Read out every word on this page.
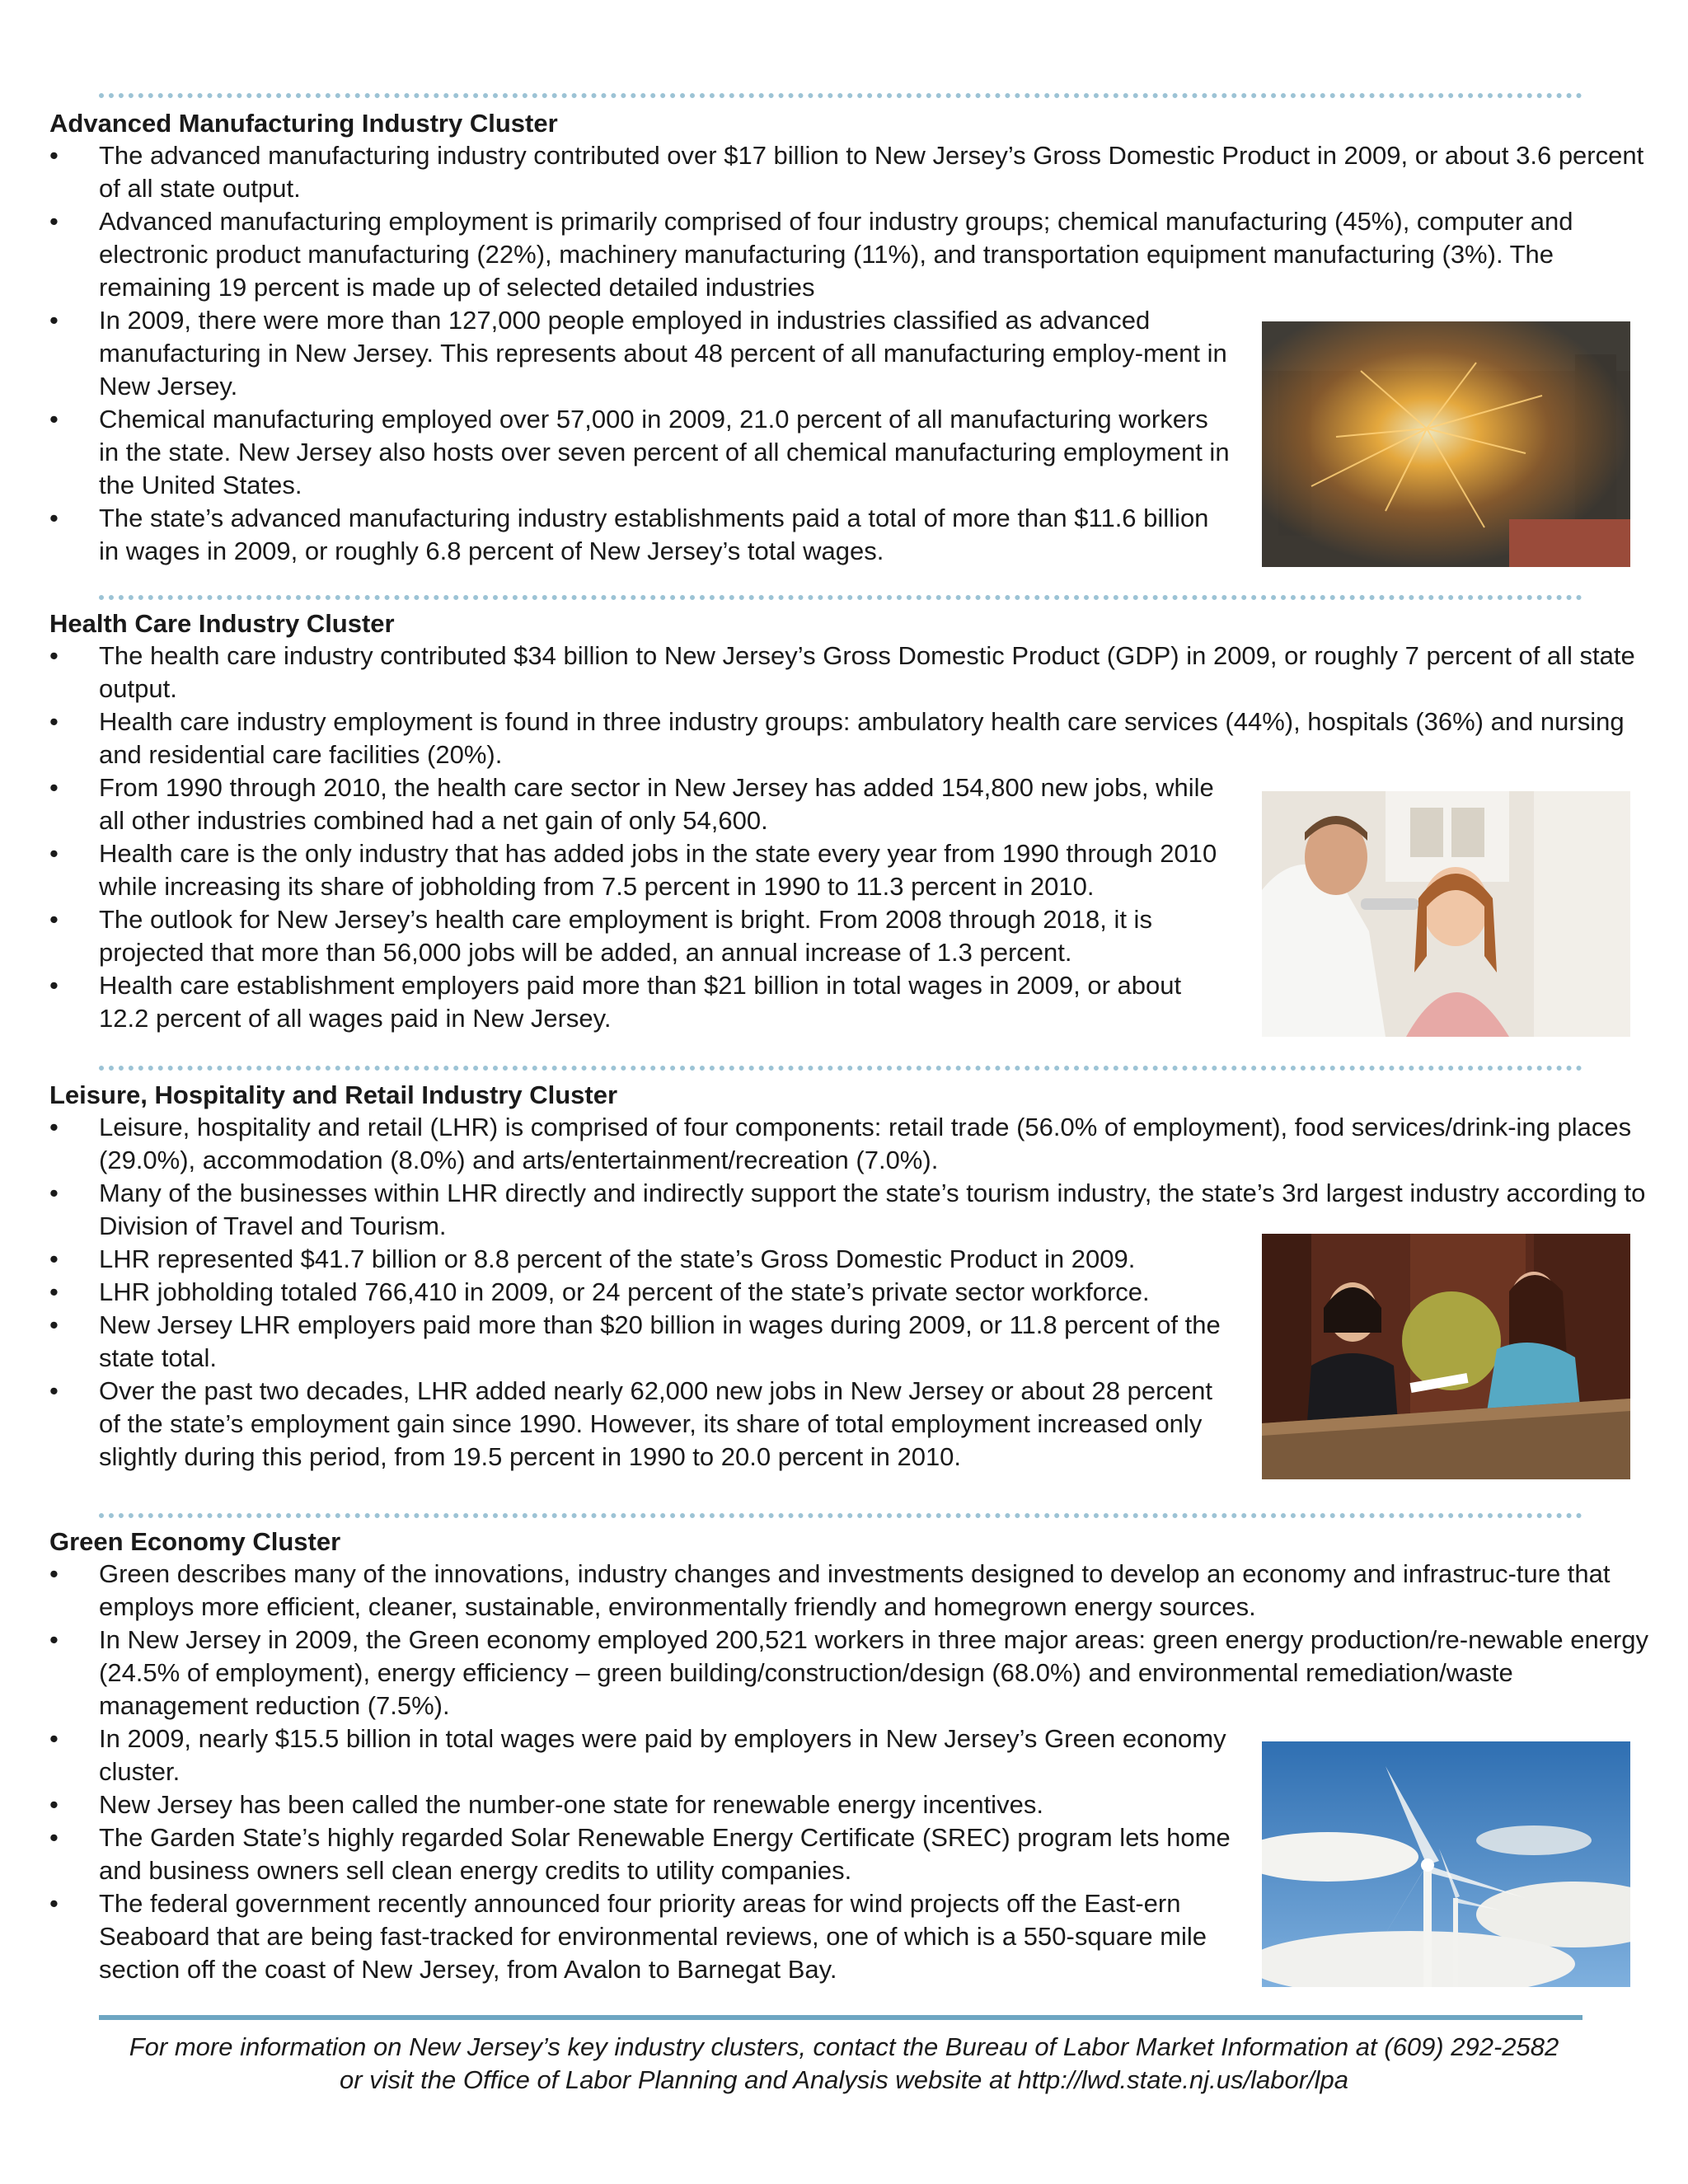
Advanced Manufacturing Industry Cluster
• The advanced manufacturing industry contributed over $17 billion to New Jersey’s Gross Domestic Product in 2009, or about 3.6 percent of all state output.
• Advanced manufacturing employment is primarily comprised of four industry groups; chemical manufacturing (45%), computer and electronic product manufacturing (22%), machinery manufacturing (11%), and transportation equipment manufacturing (3%). The remaining 19 percent is made up of selected detailed industries
• In 2009, there were more than 127,000 people employed in industries classified as advanced manufacturing in New Jersey. This represents about 48 percent of all manufacturing employ-ment in New Jersey.
• Chemical manufacturing employed over 57,000 in 2009, 21.0 percent of all manufacturing workers in the state. New Jersey also hosts over seven percent of all chemical manufacturing employment in the United States.
• The state’s advanced manufacturing industry establishments paid a total of more than $11.6 billion in wages in 2009, or roughly 6.8 percent of New Jersey’s total wages.
Health Care Industry Cluster
• The health care industry contributed $34 billion to New Jersey’s Gross Domestic Product (GDP) in 2009, or roughly 7 percent of all state output.
• Health care industry employment is found in three industry groups: ambulatory health care services (44%), hospitals (36%) and nursing and residential care facilities (20%).
• From 1990 through 2010, the health care sector in New Jersey has added 154,800 new jobs, while all other industries combined had a net gain of only 54,600.
• Health care is the only industry that has added jobs in the state every year from 1990 through 2010 while increasing its share of jobholding from 7.5 percent in 1990 to 11.3 percent in 2010.
• The outlook for New Jersey’s health care employment is bright. From 2008 through 2018, it is projected that more than 56,000 jobs will be added, an annual increase of 1.3 percent.
• Health care establishment employers paid more than $21 billion in total wages in 2009, or about 12.2 percent of all wages paid in New Jersey.
Leisure, Hospitality and Retail Industry Cluster
• Leisure, hospitality and retail (LHR) is comprised of four components: retail trade (56.0% of employment), food services/drink-ing places (29.0%), accommodation (8.0%) and arts/entertainment/recreation (7.0%).
• Many of the businesses within LHR directly and indirectly support the state’s tourism industry, the state’s 3rd largest industry according to Division of Travel and Tourism.
• LHR represented $41.7 billion or 8.8 percent of the state’s Gross Domestic Product in 2009.
• LHR jobholding totaled 766,410 in 2009, or 24 percent of the state’s private sector workforce.
• New Jersey LHR employers paid more than $20 billion in wages during 2009, or 11.8 percent of the state total.
• Over the past two decades, LHR added nearly 62,000 new jobs in New Jersey or about 28 percent of the state’s employment gain since 1990. However, its share of total employment increased only slightly during this period, from 19.5 percent in 1990 to 20.0 percent in 2010.
Green Economy Cluster
• Green describes many of the innovations, industry changes and investments designed to develop an economy and infrastruc-ture that employs more efficient, cleaner, sustainable, environmentally friendly and homegrown energy sources.
• In New Jersey in 2009, the Green economy employed 200,521 workers in three major areas: green energy production/re-newable energy (24.5% of employment), energy efficiency – green building/construction/design (68.0%) and environmental remediation/waste management reduction (7.5%).
• In 2009, nearly $15.5 billion in total wages were paid by employers in New Jersey’s Green economy cluster.
• New Jersey has been called the number-one state for renewable energy incentives.
• The Garden State’s highly regarded Solar Renewable Energy Certificate (SREC) program lets home and business owners sell clean energy credits to utility companies.
• The federal government recently announced four priority areas for wind projects off the East-ern Seaboard that are being fast-tracked for environmental reviews, one of which is a 550-square mile section off the coast of New Jersey, from Avalon to Barnegat Bay.
For more information on New Jersey’s key industry clusters, contact the Bureau of Labor Market Information at (609) 292-2582
or visit the Office of Labor Planning and Analysis website at http://lwd.state.nj.us/labor/lpa
